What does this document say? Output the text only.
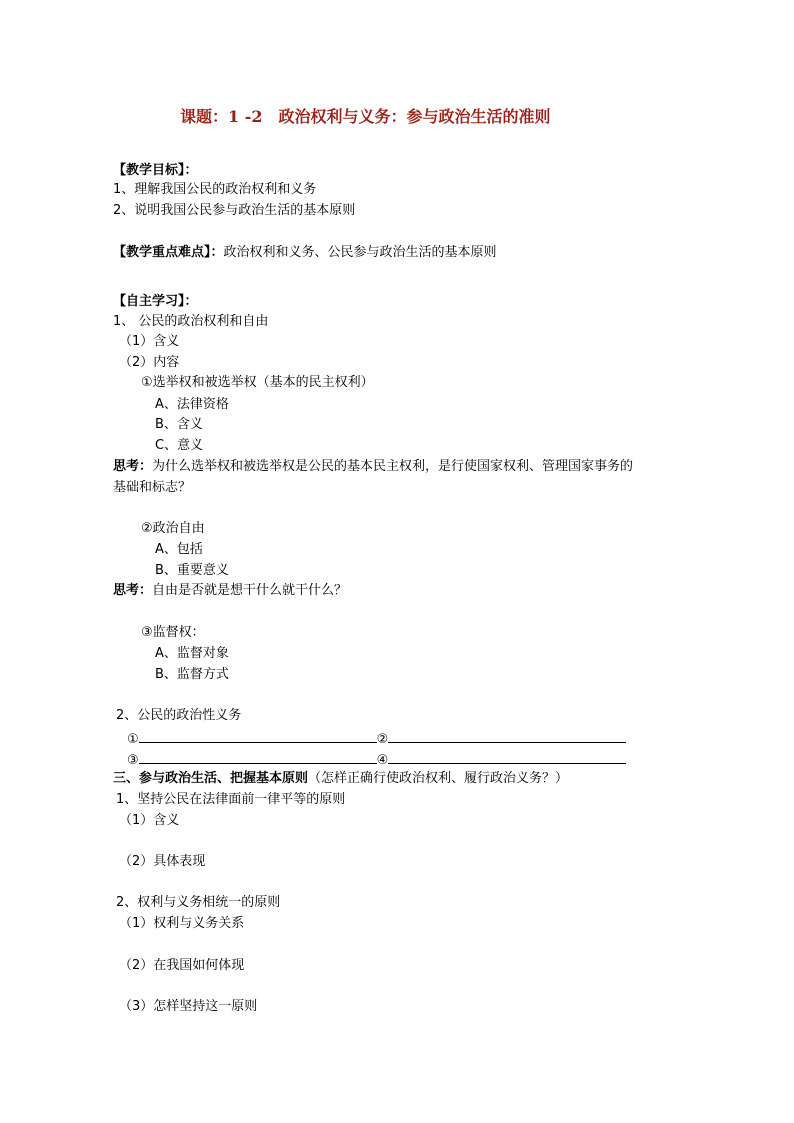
课题：1 -2　政治权利与义务：参与政治生活的准则
【教学目标】：
1、理解我国公民的政治权利和义务
2、说明我国公民参与政治生活的基本原则
【教学重点难点】：政治权利和义务、公民参与政治生活的基本原则
【自主学习】：
1、 公民的政治权利和自由
（1）含义
（2）内容
①选举权和被选举权（基本的民主权利）
A、法律资格
B、含义
C、意义
思考：为什么选举权和被选举权是公民的基本民主权利，是行使国家权利、管理国家事务的
基础和标志？
②政治自由
A、包括
B、重要意义
思考：自由是否就是想干什么就干什么？
③监督权：
A、监督对象
B、监督方式
2、公民的政治性义务
①	②
③	④
三、参与政治生活、把握基本原则（怎样正确行使政治权利、履行政治义务？）
1、坚持公民在法律面前一律平等的原则
（1）含义
（2）具体表现
2、权利与义务相统一的原则
（1）权利与义务关系
（2）在我国如何体现
（3）怎样坚持这一原则
